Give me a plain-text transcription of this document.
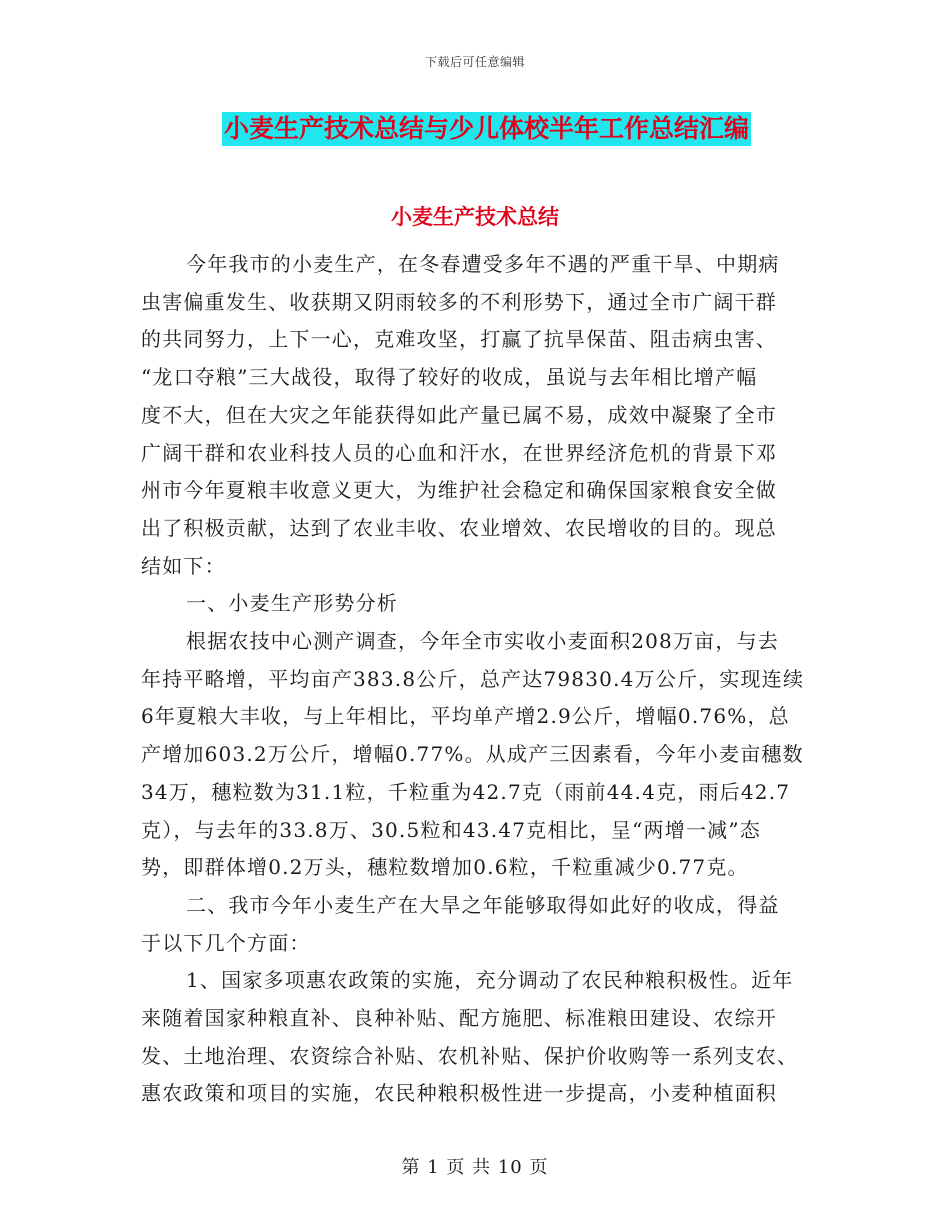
下载后可任意编辑
小麦生产技术总结与少儿体校半年工作总结汇编
小麦生产技术总结

今年我市的小麦生产，在冬春遭受多年不遇的严重干旱、中期病

虫害偏重发生、收获期又阴雨较多的不利形势下，通过全市广阔干群

的共同努力，上下一心，克难攻坚，打赢了抗旱保苗、阻击病虫害、

“龙口夺粮”三大战役，取得了较好的收成，虽说与去年相比增产幅

度不大，但在大灾之年能获得如此产量已属不易，成效中凝聚了全市

广阔干群和农业科技人员的心血和汗水，在世界经济危机的背景下邓

州市今年夏粮丰收意义更大，为维护社会稳定和确保国家粮食安全做

出了积极贡献，达到了农业丰收、农业增效、农民增收的目的。现总

结如下：

一、小麦生产形势分析

根据农技中心测产调查，今年全市实收小麦面积208万亩，与去

年持平略增，平均亩产383.8公斤，总产达79830.4万公斤，实现连续

6年夏粮大丰收，与上年相比，平均单产增2.9公斤，增幅0.76%，总

产增加603.2万公斤，增幅0.77%。从成产三因素看，今年小麦亩穗数

34万，穗粒数为31.1粒，千粒重为42.7克（雨前44.4克，雨后42.7

克），与去年的33.8万、30.5粒和43.47克相比，呈“两增一减”态

势，即群体增0.2万头，穗粒数增加0.6粒，千粒重减少0.77克。

二、我市今年小麦生产在大旱之年能够取得如此好的收成，得益

于以下几个方面：

1、国家多项惠农政策的实施，充分调动了农民种粮积极性。近年

来随着国家种粮直补、良种补贴、配方施肥、标准粮田建设、农综开

发、土地治理、农资综合补贴、农机补贴、保护价收购等一系列支农、

惠农政策和项目的实施，农民种粮积极性进一步提高，小麦种植面积

第 1 页 共 10 页
